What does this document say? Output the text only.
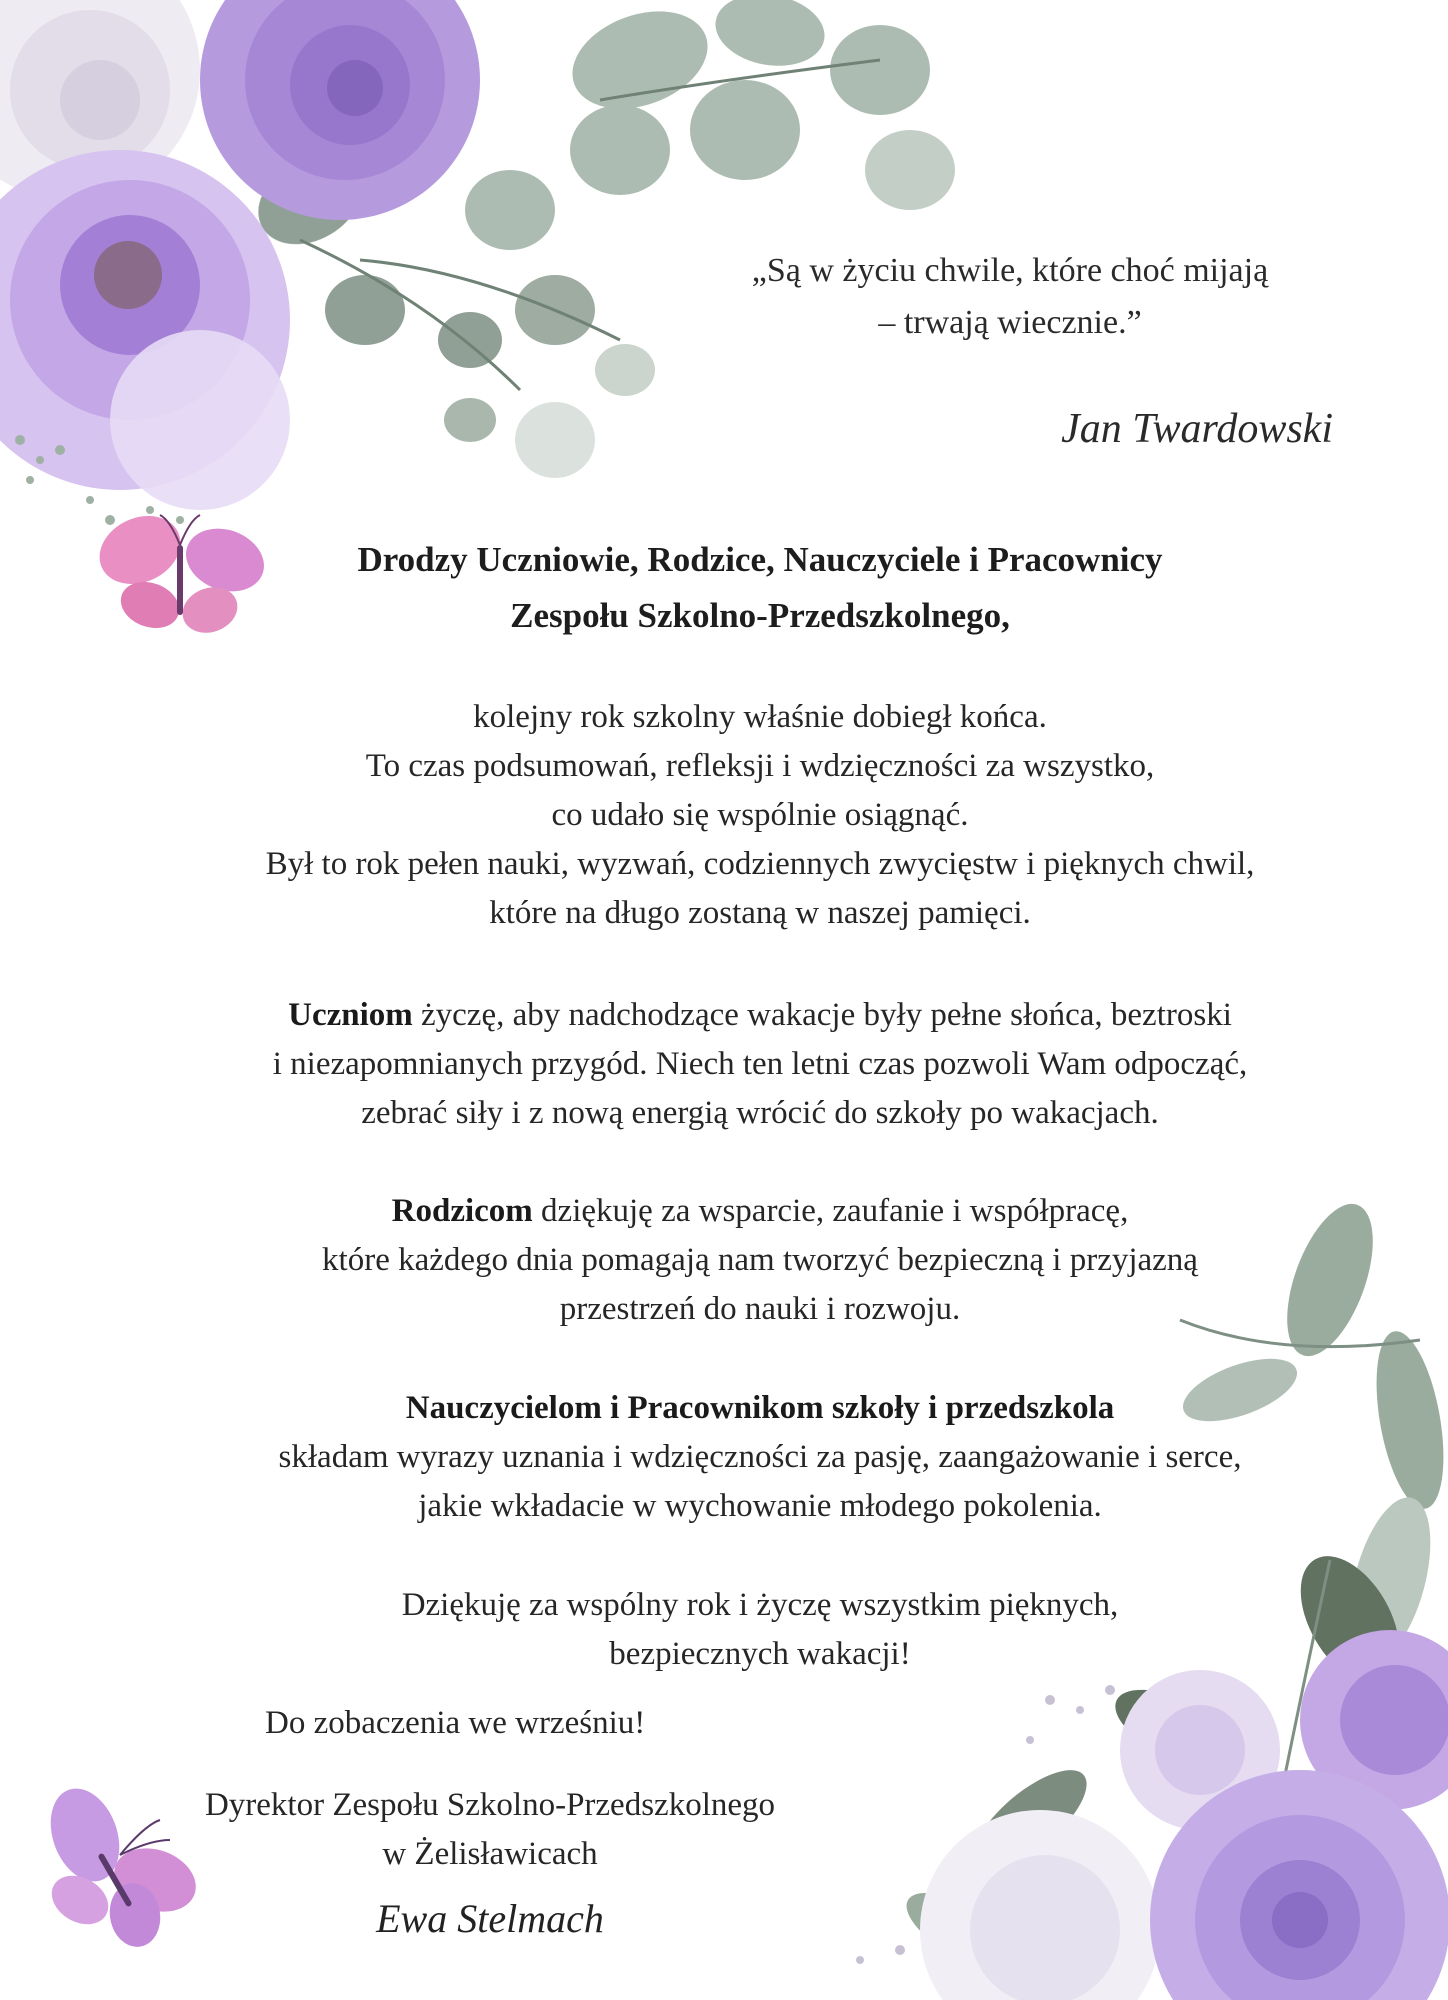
„Są w życiu chwile, które choć mijają
– trwają wiecznie.”
Jan Twardowski
Drodzy Uczniowie, Rodzice, Nauczyciele i Pracownicy
Zespołu Szkolno-Przedszkolnego,
kolejny rok szkolny właśnie dobiegł końca.
To czas podsumowań, refleksji i wdzięczności za wszystko,
co udało się wspólnie osiągnąć.
Był to rok pełen nauki, wyzwań, codziennych zwycięstw i pięknych chwil,
które na długo zostaną w naszej pamięci.
Uczniom życzę, aby nadchodzące wakacje były pełne słońca, beztroski
i niezapomnianych przygód. Niech ten letni czas pozwoli Wam odpocząć,
zebrać siły i z nową energią wrócić do szkoły po wakacjach.
Rodzicom dziękuję za wsparcie, zaufanie i współpracę,
które każdego dnia pomagają nam tworzyć bezpieczną i przyjazną
przestrzeń do nauki i rozwoju.
Nauczycielom i Pracownikom szkoły i przedszkola
składam wyrazy uznania i wdzięczności za pasję, zaangażowanie i serce,
jakie wkładacie w wychowanie młodego pokolenia.
Dziękuję za wspólny rok i życzę wszystkim pięknych,
bezpiecznych wakacji!
Do zobaczenia we wrześniu!
Dyrektor Zespołu Szkolno-Przedszkolnego
w Żelisławicach
Ewa Stelmach
